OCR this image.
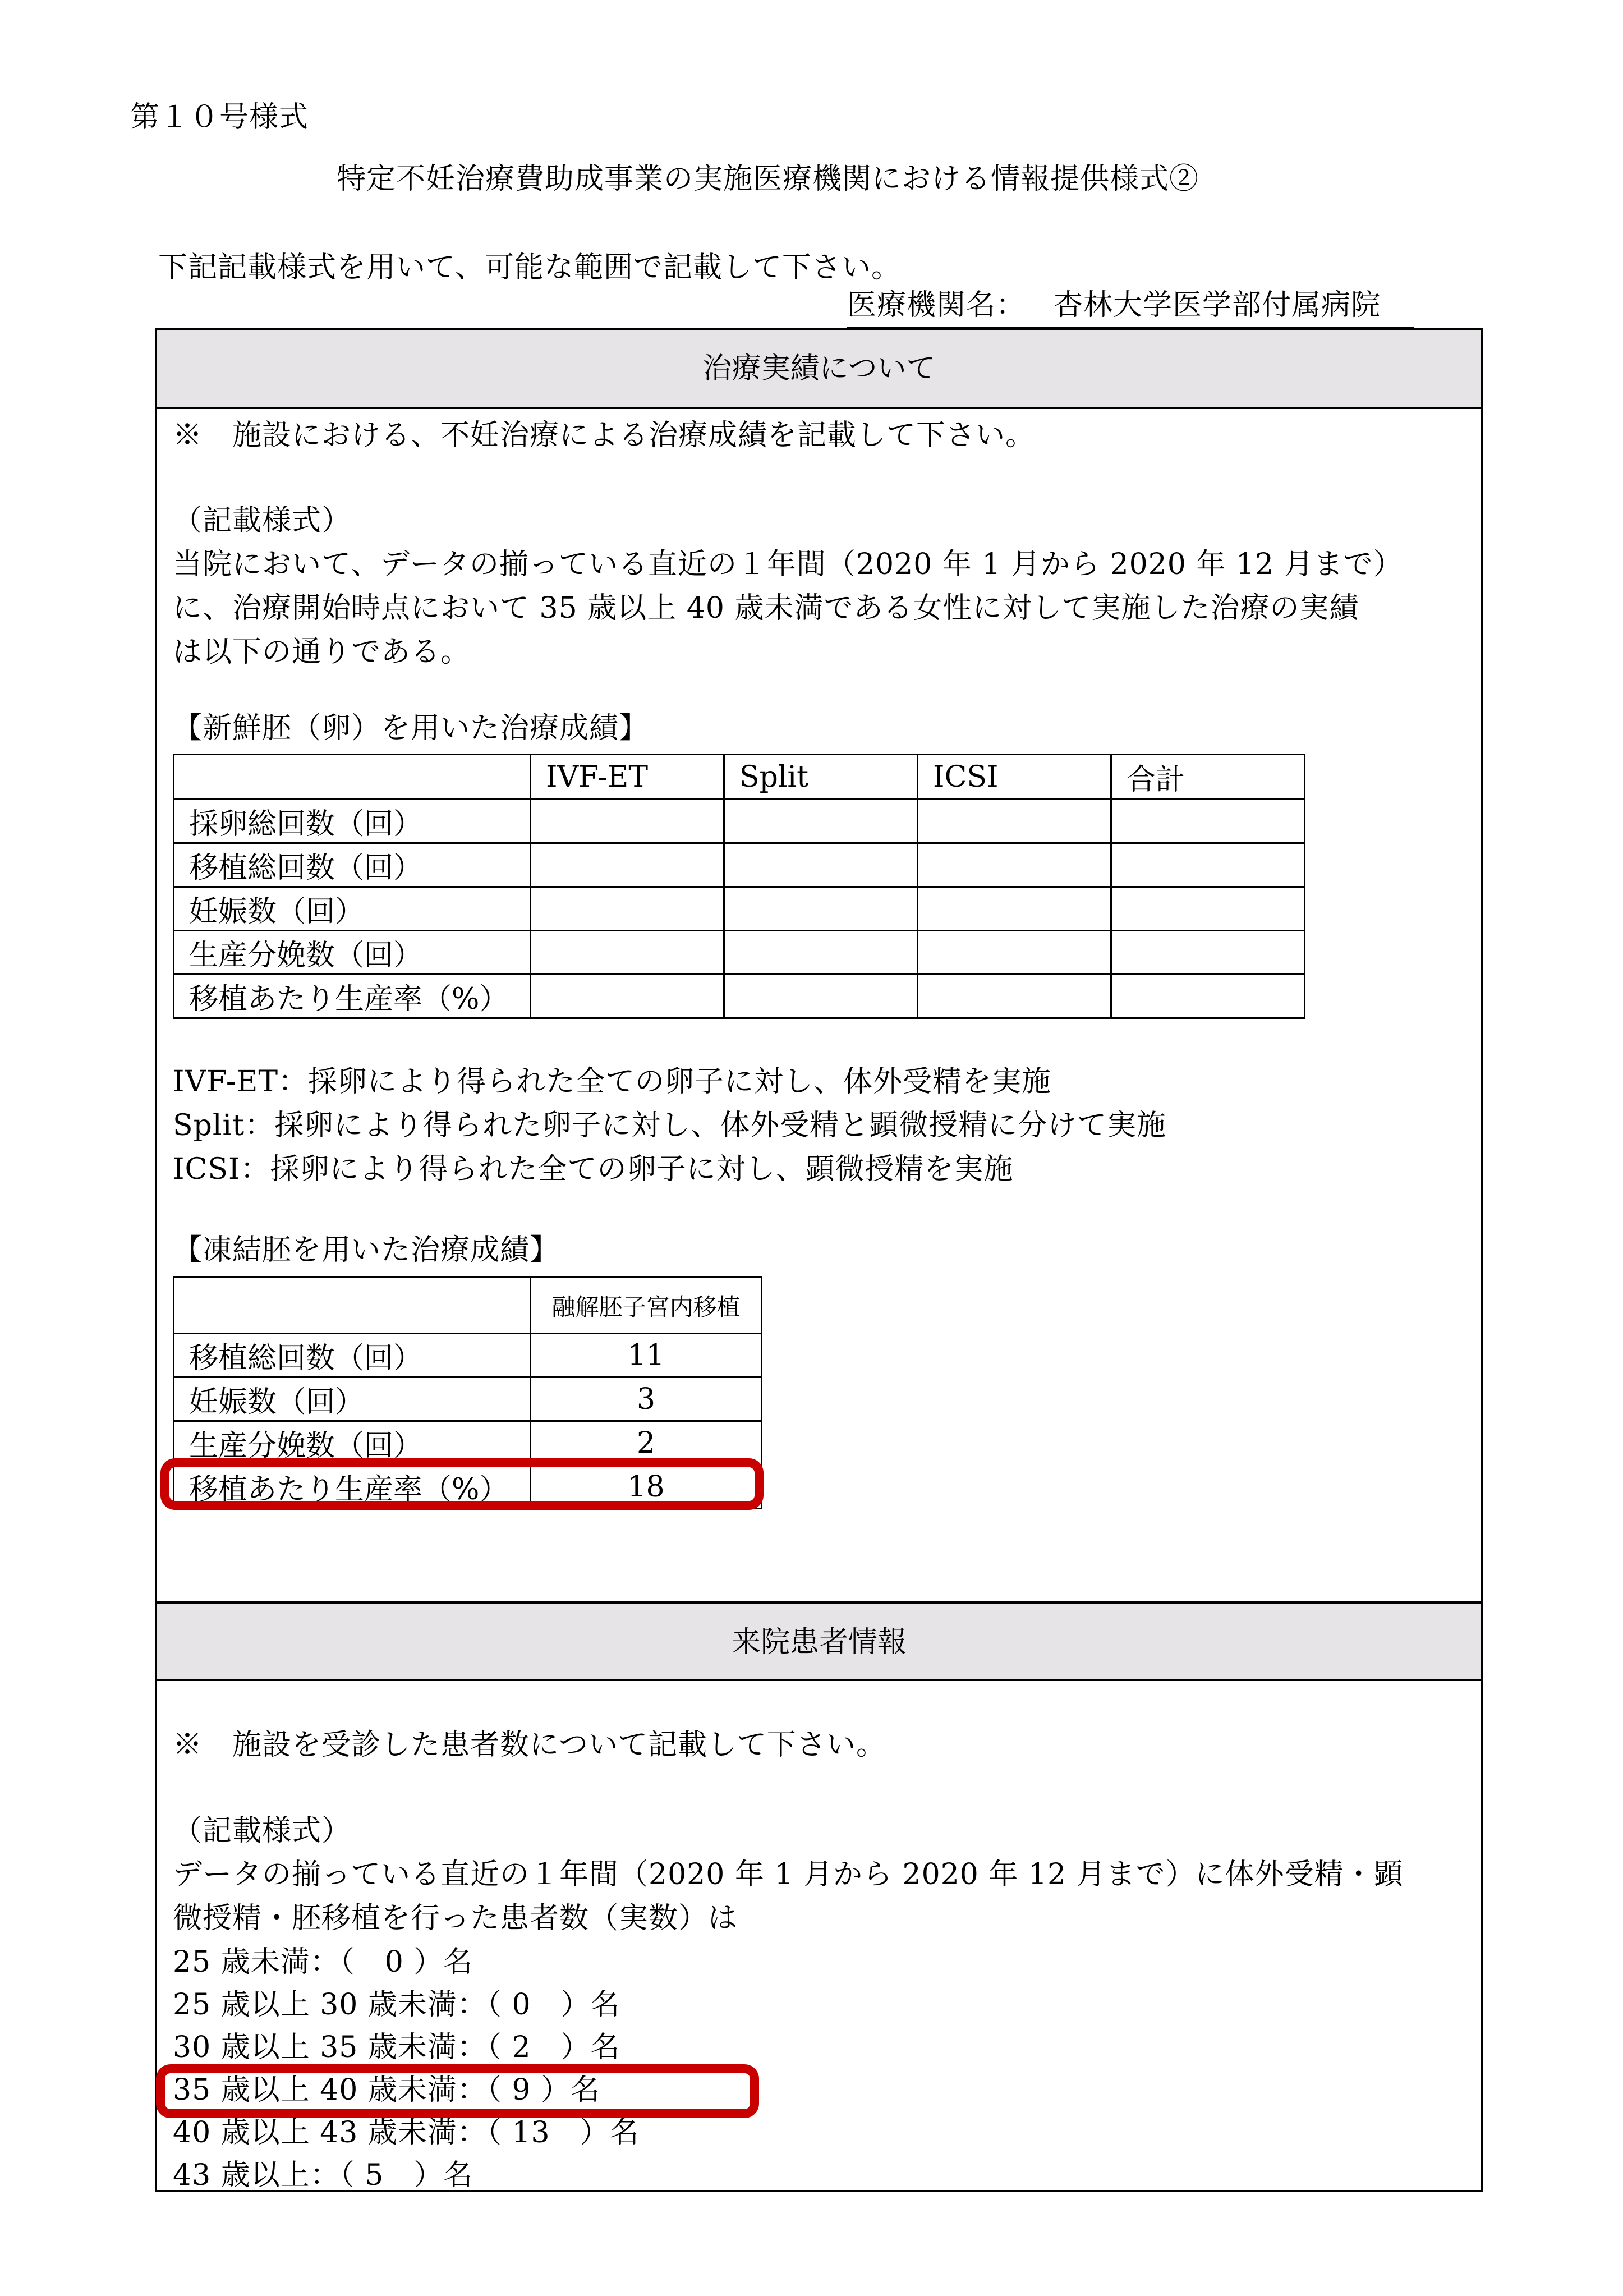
第１０号様式
特定不妊治療費助成事業の実施医療機関における情報提供様式②
下記記載様式を用いて、可能な範囲で記載して下さい。
医療機関名： 杏林大学医学部付属病院
治療実績について
※　施設における、不妊治療による治療成績を記載して下さい。
（記載様式）
当院において、データの揃っている直近の１年間（2020 年 1 月から 2020 年 12 月まで）
に、治療開始時点において 35 歳以上 40 歳未満である女性に対して実施した治療の実績
は以下の通りである。
【新鮮胚（卵）を用いた治療成績】
	IVF-ET	Split	ICSI	合計
採卵総回数（回）				
移植総回数（回）				
妊娠数（回）				
生産分娩数（回）				
移植あたり生産率（%）				
IVF-ET：採卵により得られた全ての卵子に対し、体外受精を実施
Split：採卵により得られた卵子に対し、体外受精と顕微授精に分けて実施
ICSI：採卵により得られた全ての卵子に対し、顕微授精を実施
【凍結胚を用いた治療成績】
	融解胚子宮内移植
移植総回数（回）	11
妊娠数（回）	3
生産分娩数（回）	2
移植あたり生産率（%）	18
来院患者情報
※　施設を受診した患者数について記載して下さい。
（記載様式）
データの揃っている直近の１年間（2020 年 1 月から 2020 年 12 月まで）に体外受精・顕
微授精・胚移植を行った患者数（実数）は
25 歳未満：（　0 ）名
25 歳以上 30 歳未満：（ 0　）名
30 歳以上 35 歳未満：（ 2　）名
35 歳以上 40 歳未満：（ 9 ）名
40 歳以上 43 歳未満：（ 13　）名
43 歳以上：（ 5　）名
